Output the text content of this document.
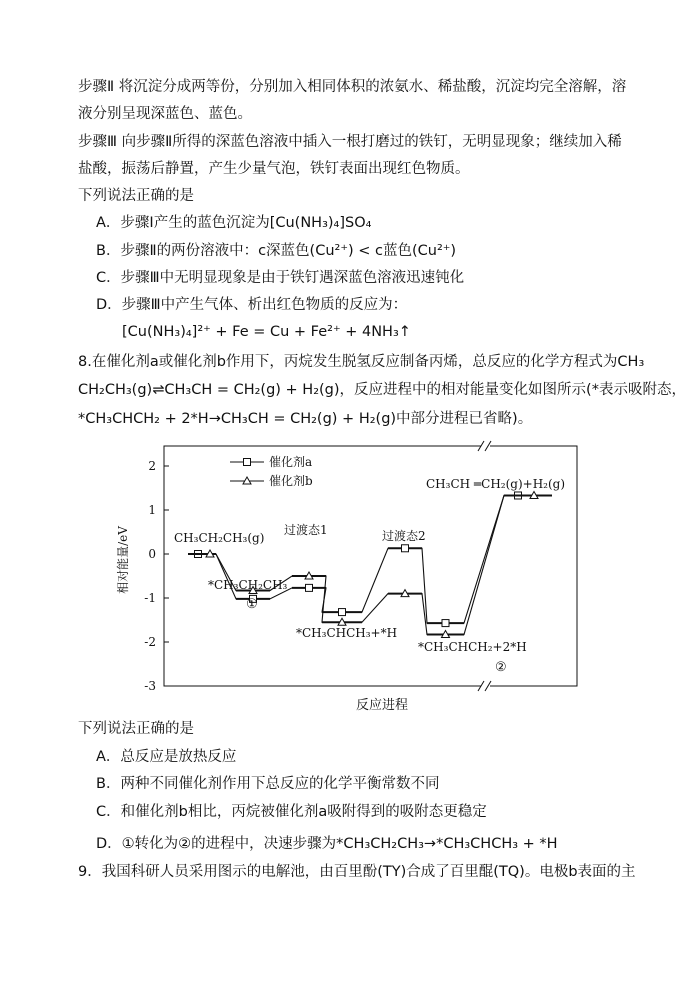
步骤Ⅱ 将沉淀分成两等份，分别加入相同体积的浓氨水、稀盐酸，沉淀均完全溶解，溶
液分别呈现深蓝色、蓝色。
步骤Ⅲ 向步骤Ⅱ所得的深蓝色溶液中插入一根打磨过的铁钉，无明显现象；继续加入稀
盐酸，振荡后静置，产生少量气泡，铁钉表面出现红色物质。
下列说法正确的是
A．步骤Ⅰ产生的蓝色沉淀为[Cu(NH₃)₄]SO₄
B．步骤Ⅱ的两份溶液中：c深蓝色(Cu²⁺) < c蓝色(Cu²⁺)
C．步骤Ⅲ中无明显现象是由于铁钉遇深蓝色溶液迅速钝化
D．步骤Ⅲ中产生气体、析出红色物质的反应为：
[Cu(NH₃)₄]²⁺ + Fe = Cu + Fe²⁺ + 4NH₃↑
8.在催化剂a或催化剂b作用下，丙烷发生脱氢反应制备丙烯，总反应的化学方程式为CH₃
CH₂CH₃(g)⇌CH₃CH = CH₂(g) + H₂(g)，反应进程中的相对能量变化如图所示(*表示吸附态，
*CH₃CHCH₂ + 2*H→CH₃CH = CH₂(g) + H₂(g)中部分进程已省略)。
2
1
0
-1
-2
-3
催化剂a
催化剂b
CH₃CH₂CH₃(g)
*CH₃CH₂CH₃
①
过渡态1
*CH₃CHCH₃+*H
过渡态2
*CH₃CHCH₂+2*H
②
CH₃CH ═CH₂(g)+H₂(g)
反应进程
相对能量/eV
下列说法正确的是
A．总反应是放热反应
B．两种不同催化剂作用下总反应的化学平衡常数不同
C．和催化剂b相比，丙烷被催化剂a吸附得到的吸附态更稳定
D．①转化为②的进程中，决速步骤为*CH₃CH₂CH₃→*CH₃CHCH₃ + *H
9．我国科研人员采用图示的电解池，由百里酚(TY)合成了百里醌(TQ)。电极b表面的主
